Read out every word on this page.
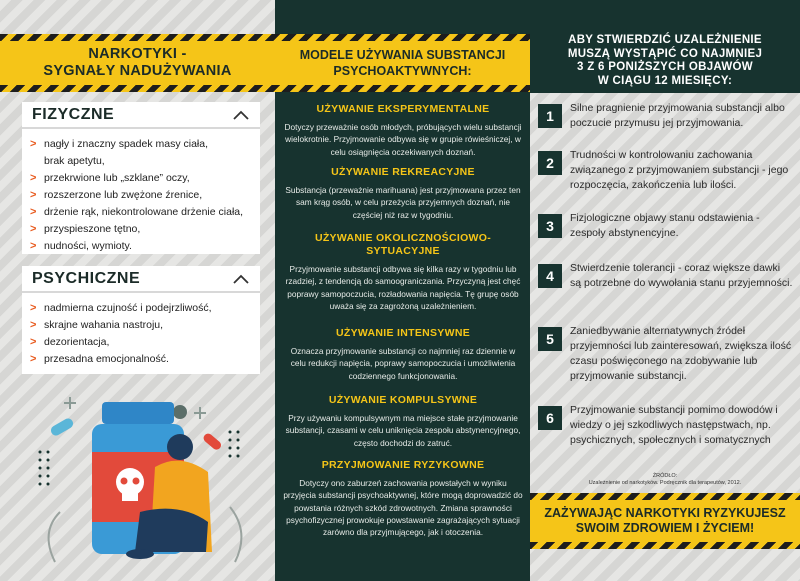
NARKOTYKI -
SYGNAŁY NADUŻYWANIA
MODELE UŻYWANIA SUBSTANCJI
PSYCHOAKTYWNYCH:
FIZYCZNE
> nagły i znaczny spadek masy ciała,
brak apetytu,
> przekrwione lub „szklane” oczy,
> rozszerzone lub zwężone źrenice,
> drżenie rąk, niekontrolowane drżenie ciała,
> przyspieszone tętno,
> nudności, wymioty.
PSYCHICZNE
> nadmierna czujność i podejrzliwość,
> skrajne wahania nastroju,
> dezorientacja,
> przesadna emocjonalność.
UŻYWANIE EKSPERYMENTALNE
Dotyczy przeważnie osób młodych, próbujących wielu substancji wielokrotnie. Przyjmowanie odbywa się w grupie rówieśniczej, w celu osiągnięcia oczekiwanych doznań.
UŻYWANIE REKREACYJNE
Substancja (przeważnie marihuana) jest przyjmowana przez ten sam krąg osób, w celu przeżycia przyjemnych doznań, nie częściej niż raz w tygodniu.
UŻYWANIE OKOLICZNOŚCIOWO-SYTUACYJNE
Przyjmowanie substancji odbywa się kilka razy w tygodniu lub rzadziej, z tendencją do samoograniczania. Przyczyną jest chęć poprawy samopoczucia, rozładowania napięcia. Tę grupę osób uważa się za zagrożoną uzależnieniem.
UŻYWANIE INTENSYWNE
Oznacza przyjmowanie substancji co najmniej raz dziennie w celu redukcji napięcia, poprawy samopoczucia i umożliwienia codziennego funkcjonowania.
UŻYWANIE KOMPULSYWNE
Przy używaniu kompulsywnym ma miejsce stałe przyjmowanie substancji, czasami w celu uniknięcia zespołu abstynencyjnego, często dochodzi do zatruć.
PRZYJMOWANIE RYZYKOWNE
Dotyczy ono zaburzeń zachowania powstałych w wyniku przyjęcia substancji psychoaktywnej, które mogą doprowadzić do powstania różnych szkód zdrowotnych. Zmiana sprawności psychofizycznej prowokuje powstawanie zagrażających sytuacji zarówno dla przyjmującego, jak i otoczenia.
ABY STWIERDZIĆ UZALEŻNIENIE
MUSZĄ WYSTĄPIĆ CO NAJMNIEJ
3 Z 6 PONIŻSZYCH OBJAWÓW
W CIĄGU 12 MIESIĘCY:
1	Silne pragnienie przyjmowania substancji albo poczucie przymusu jej przyjmowania.
2	Trudności w kontrolowaniu zachowania związanego z przyjmowaniem substancji - jego rozpoczęcia, zakończenia lub ilości.
3	Fizjologiczne objawy stanu odstawienia - zespoły abstynencyjne.
4	Stwierdzenie tolerancji - coraz większe dawki są potrzebne do wywołania stanu przyjemności.
5	Zaniedbywanie alternatywnych źródeł przyjemności lub zainteresowań, zwiększa ilość czasu poświęconego na zdobywanie lub przyjmowanie substancji.
6	Przyjmowanie substancji pomimo dowodów i wiedzy o jej szkodliwych następstwach, np. psychicznych, społecznych i somatycznych
ŹRÓDŁO:
Uzależnienie od narkotyków. Podręcznik dla terapeutów, 2012.
ZAŻYWAJĄC NARKOTYKI RYZYKUJESZ
SWOIM ZDROWIEM I ŻYCIEM!
